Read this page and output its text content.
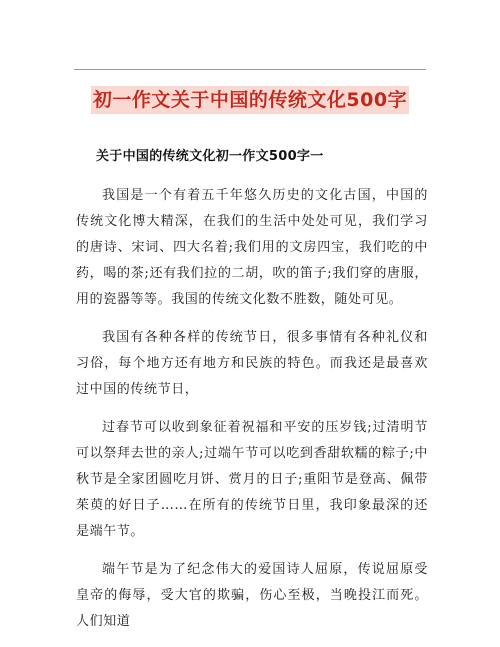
初一作文关于中国的传统文化500字
关于中国的传统文化初一作文500字一

我国是一个有着五千年悠久历史的文化古国，中国的传统文化博大精深，在我们的生活中处处可见，我们学习的唐诗、宋词、四大名着;我们用的文房四宝，我们吃的中药，喝的茶;还有我们拉的二胡，吹的笛子;我们穿的唐服，用的瓷器等等。我国的传统文化数不胜数，随处可见。

我国有各种各样的传统节日，很多事情有各种礼仪和习俗，每个地方还有地方和民族的特色。而我还是最喜欢过中国的传统节日，

过春节可以收到象征着祝福和平安的压岁钱;过清明节可以祭拜去世的亲人;过端午节可以吃到香甜软糯的粽子;中秋节是全家团圆吃月饼、赏月的日子;重阳节是登高、佩带茱萸的好日子……在所有的传统节日里，我印象最深的还是端午节。

端午节是为了纪念伟大的爱国诗人屈原，传说屈原受皇帝的侮辱，受大官的欺骗，伤心至极，当晚投江而死。人们知道
